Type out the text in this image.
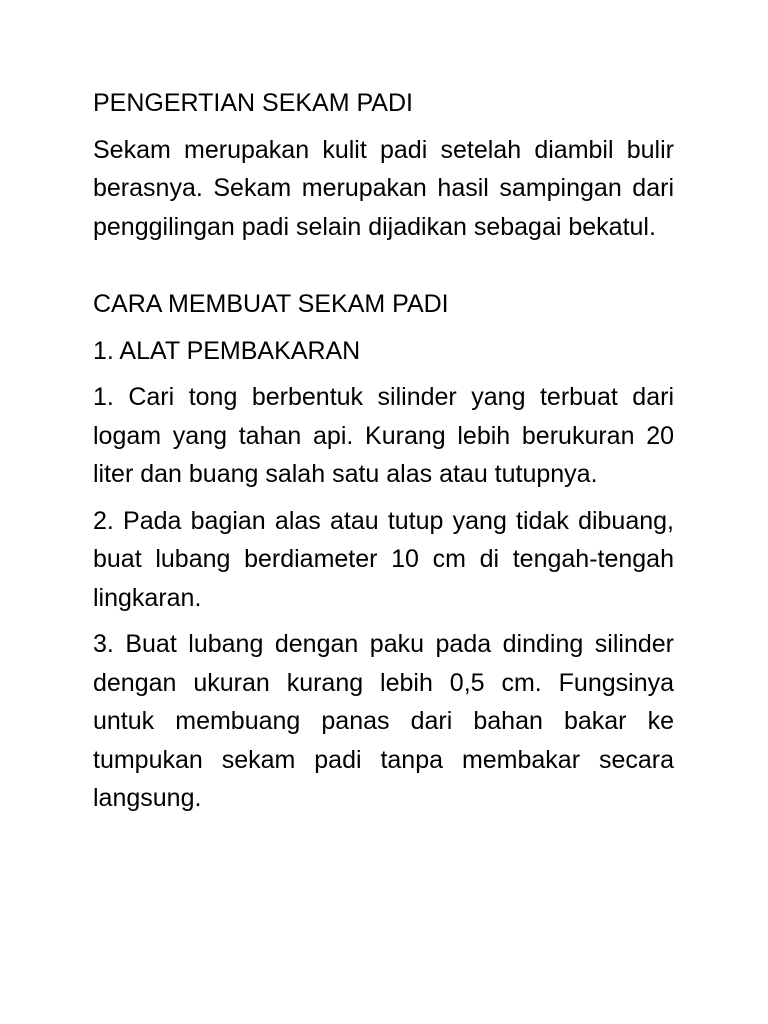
PENGERTIAN SEKAM PADI

Sekam merupakan kulit padi setelah diambil bulir berasnya. Sekam merupakan hasil sampingan dari penggilingan padi selain dijadikan sebagai bekatul.

CARA MEMBUAT SEKAM PADI

1. ALAT PEMBAKARAN

1. Cari tong berbentuk silinder yang terbuat dari logam yang tahan api. Kurang lebih berukuran 20 liter dan buang salah satu alas atau tutupnya.

2. Pada bagian alas atau tutup yang tidak dibuang, buat lubang berdiameter 10 cm di tengah-tengah lingkaran.

3. Buat lubang dengan paku pada dinding silinder dengan ukuran kurang lebih 0,5 cm. Fungsinya untuk membuang panas dari bahan bakar ke tumpukan sekam padi tanpa membakar secara langsung.
